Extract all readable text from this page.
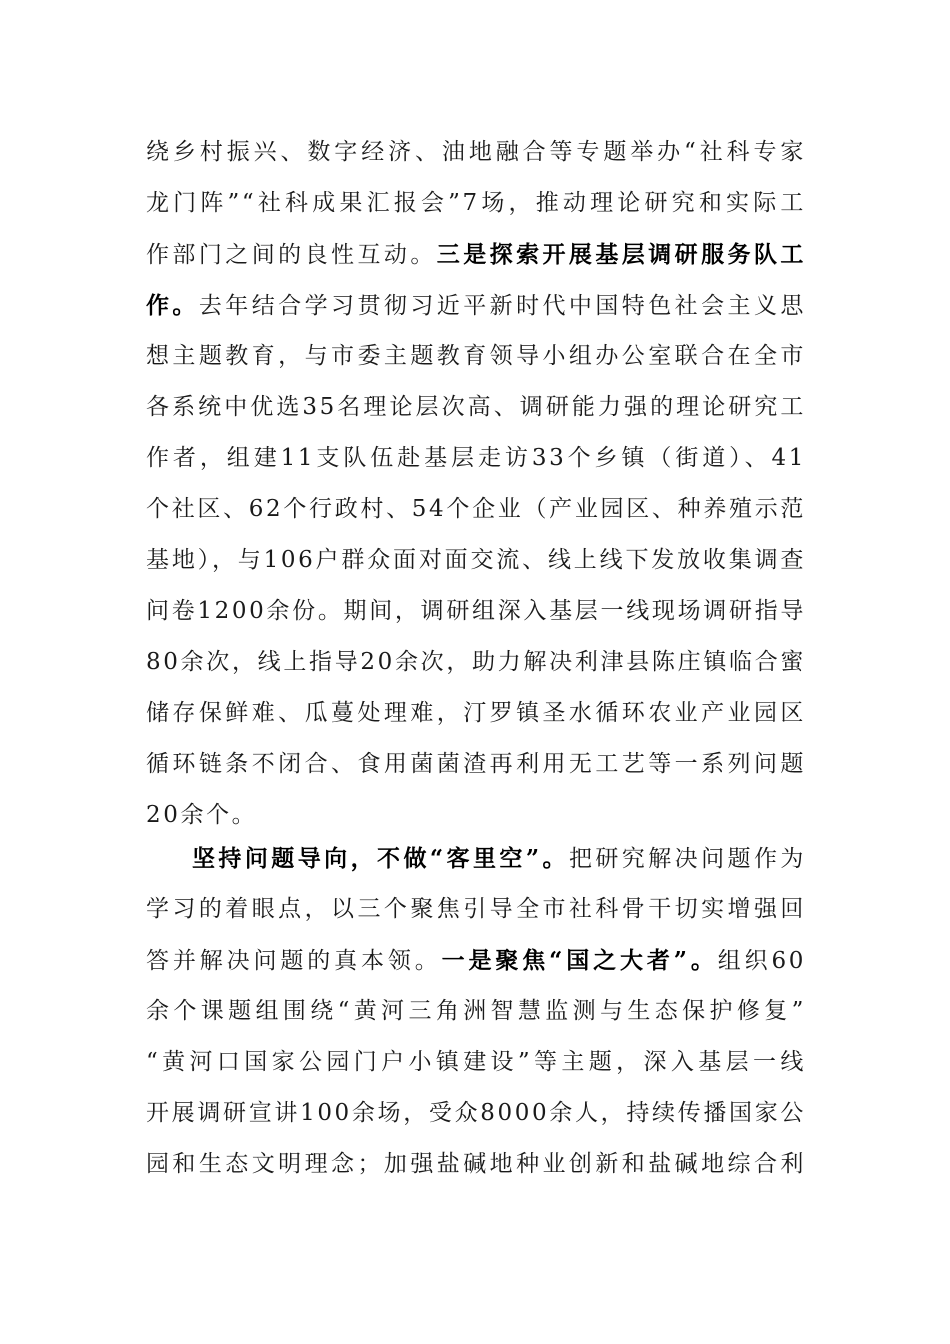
绕乡村振兴、数字经济、油地融合等专题举办“社科专家
龙门阵”“社科成果汇报会”7场，推动理论研究和实际工
作部门之间的良性互动。三是探索开展基层调研服务队工
作。去年结合学习贯彻习近平新时代中国特色社会主义思
想主题教育，与市委主题教育领导小组办公室联合在全市
各系统中优选35名理论层次高、调研能力强的理论研究工
作者，组建11支队伍赴基层走访33个乡镇（街道）、41
个社区、62个行政村、54个企业（产业园区、种养殖示范
基地），与106户群众面对面交流、线上线下发放收集调查
问卷1200余份。期间，调研组深入基层一线现场调研指导
80余次，线上指导20余次，助力解决利津县陈庄镇临合蜜
储存保鲜难、瓜蔓处理难，汀罗镇圣水循环农业产业园区
循环链条不闭合、食用菌菌渣再利用无工艺等一系列问题
20余个。
坚持问题导向，不做“客里空”。把研究解决问题作为
学习的着眼点，以三个聚焦引导全市社科骨干切实增强回
答并解决问题的真本领。一是聚焦“国之大者”。组织60
余个课题组围绕“黄河三角洲智慧监测与生态保护修复”
“黄河口国家公园门户小镇建设”等主题，深入基层一线
开展调研宣讲100余场，受众8000余人，持续传播国家公
园和生态文明理念；加强盐碱地种业创新和盐碱地综合利
